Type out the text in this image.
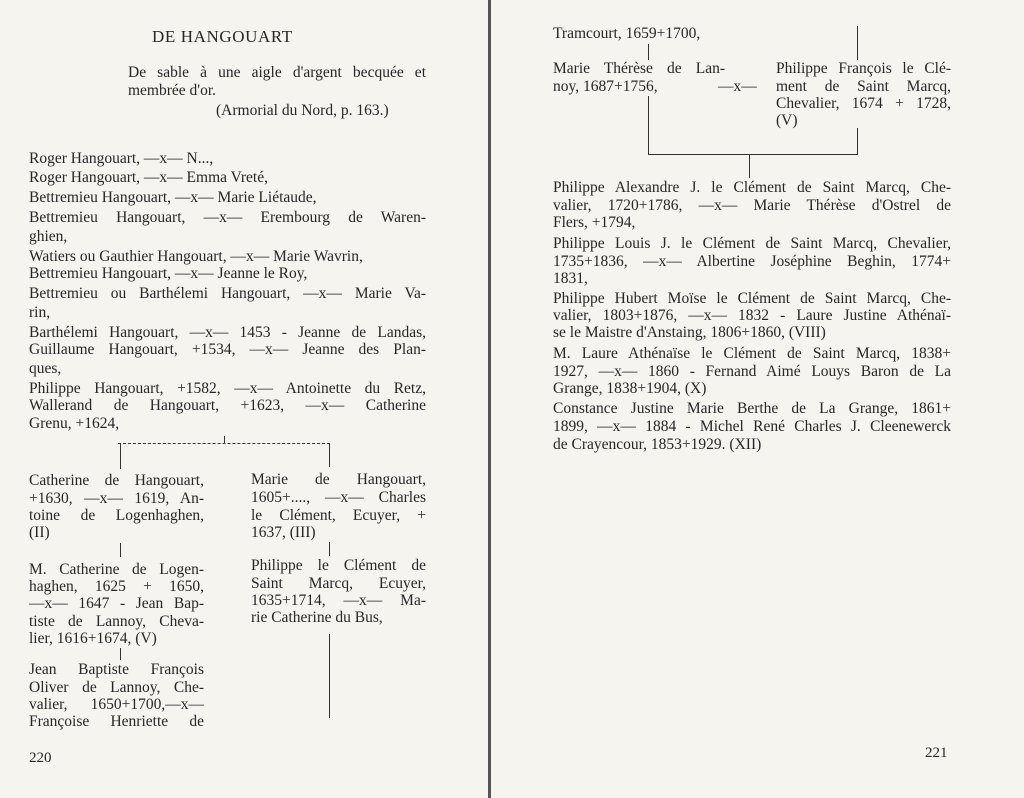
DE HANGOUART
De sable à une aigle d'argent becquée et
membrée d'or.
(Armorial du Nord, p. 163.)
Roger Hangouart, —x— N...,
Roger Hangouart, —x— Emma Vreté,
Bettremieu Hangouart, —x— Marie Liétaude,
Bettremieu Hangouart, —x— Erembourg de Waren-
ghien,
Watiers ou Gauthier Hangouart, —x— Marie Wavrin,
Bettremieu Hangouart, —x— Jeanne le Roy,
Bettremieu ou Barthélemi Hangouart, —x— Marie Va-
rin,
Barthélemi Hangouart, —x— 1453 - Jeanne de Landas,
Guillaume Hangouart, +1534, —x— Jeanne des Plan-
ques,
Philippe Hangouart, +1582, —x— Antoinette du Retz,
Wallerand de Hangouart, +1623, —x— Catherine
Grenu, +1624,
Catherine de Hangouart,
+1630, —x— 1619, An-
toine de Logenhaghen,
(II)
M. Catherine de Logen-
haghen, 1625 + 1650,
—x— 1647 - Jean Bap-
tiste de Lannoy, Cheva-
lier, 1616+1674, (V)
Jean Baptiste François
Oliver de Lannoy, Che-
valier, 1650+1700,—x—
Françoise Henriette de
Marie de Hangouart,
1605+...., —x— Charles
le Clément, Ecuyer, +
1637, (III)
Philippe le Clément de
Saint Marcq, Ecuyer,
1635+1714, —x— Ma-
rie Catherine du Bus,
220
Tramcourt, 1659+1700,
Marie Thérèse de Lan-
noy, 1687+1756,	—x—
Philippe François le Clé-
ment de Saint Marcq,
Chevalier, 1674 + 1728,
(V)
Philippe Alexandre J. le Clément de Saint Marcq, Che-
valier, 1720+1786, —x— Marie Thérèse d'Ostrel de
Flers, +1794,
Philippe Louis J. le Clément de Saint Marcq, Chevalier,
1735+1836, —x— Albertine Joséphine Beghin, 1774+
1831,
Philippe Hubert Moïse le Clément de Saint Marcq, Che-
valier, 1803+1876, —x— 1832 - Laure Justine Athénaï-
se le Maistre d'Anstaing, 1806+1860, (VIII)
M. Laure Athénaïse le Clément de Saint Marcq, 1838+
1927, —x— 1860 - Fernand Aimé Louys Baron de La
Grange, 1838+1904, (X)
Constance Justine Marie Berthe de La Grange, 1861+
1899, —x— 1884 - Michel René Charles J. Cleenewerck
de Crayencour, 1853+1929. (XII)
221
